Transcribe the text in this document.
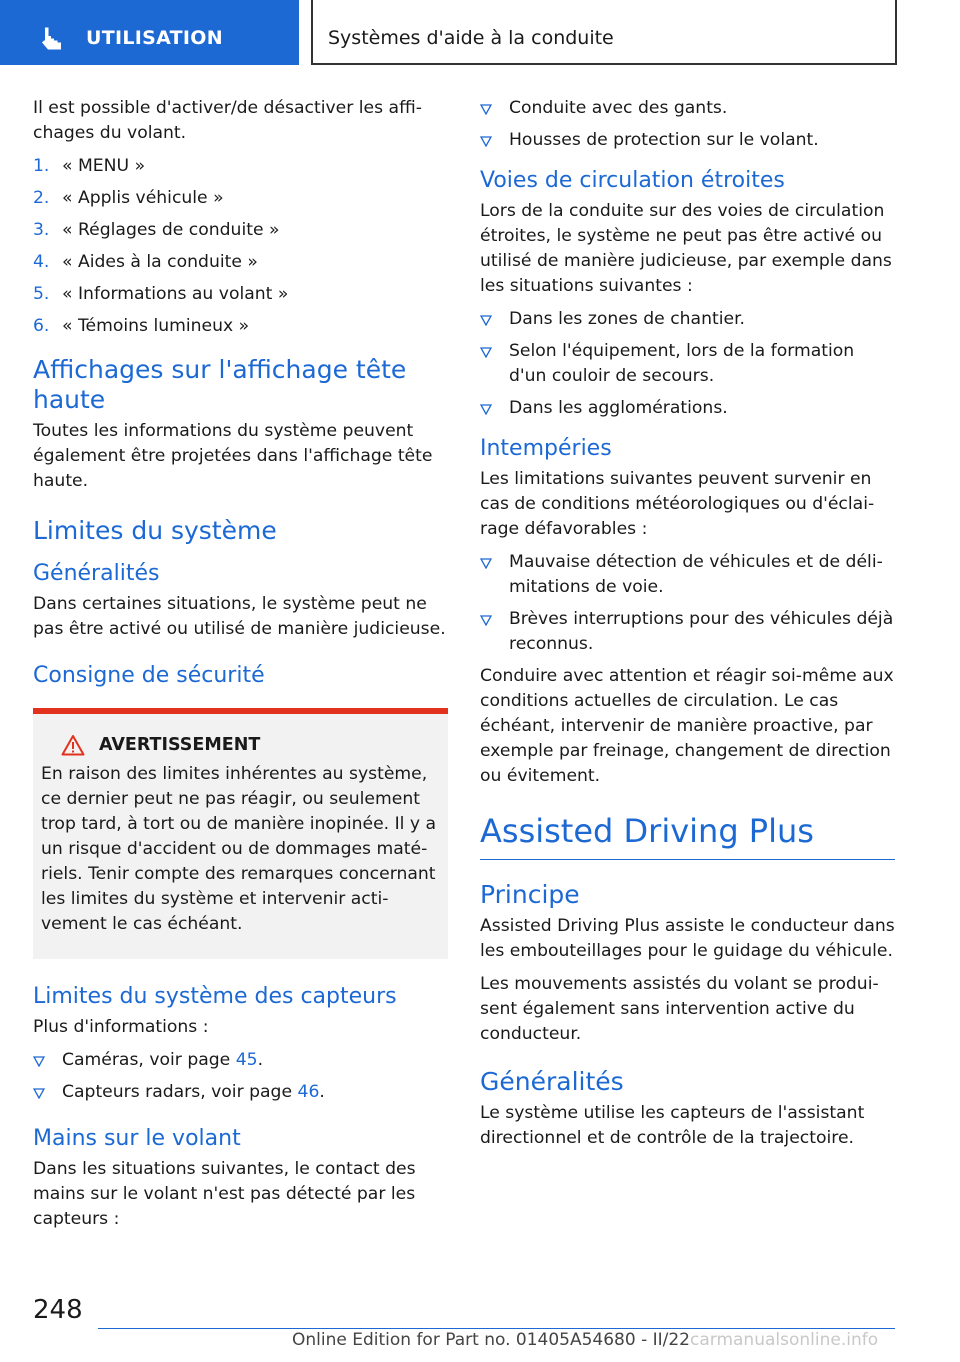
UTILISATION	Systèmes d'aide à la conduite

Il est possible d'activer/de désactiver les affichages du volant.

1. « MENU »
2. « Applis véhicule »
3. « Réglages de conduite »
4. « Aides à la conduite »
5. « Informations au volant »
6. « Témoins lumineux »
Affichages sur l'affichage tête haute

Toutes les informations du système peuvent également être projetées dans l'affichage tête haute.

Limites du système
Généralités

Dans certaines situations, le système peut ne pas être activé ou utilisé de manière judicieuse.

Consigne de sécurité
AVERTISSEMENT

En raison des limites inhérentes au système, ce dernier peut ne pas réagir, ou seulement trop tard, à tort ou de manière inopinée. Il y a un risque d'accident ou de dommages matériels. Tenir compte des remarques concernant les limites du système et intervenir activement le cas échéant.

Limites du système des capteurs

Plus d'informations :

Caméras, voir page 45.
Capteurs radars, voir page 46.
Mains sur le volant

Dans les situations suivantes, le contact des mains sur le volant n'est pas détecté par les capteurs :

Conduite avec des gants.
Housses de protection sur le volant.
Voies de circulation étroites

Lors de la conduite sur des voies de circulation étroites, le système ne peut pas être activé ou utilisé de manière judicieuse, par exemple dans les situations suivantes :

Dans les zones de chantier.
Selon l'équipement, lors de la formation d'un couloir de secours.
Dans les agglomérations.
Intempéries

Les limitations suivantes peuvent survenir en cas de conditions météorologiques ou d'éclairage défavorables :

Mauvaise détection de véhicules et de délimitations de voie.
Brèves interruptions pour des véhicules déjà reconnus.

Conduire avec attention et réagir soi-même aux conditions actuelles de circulation. Le cas échéant, intervenir de manière proactive, par exemple par freinage, changement de direction ou évitement.

Assisted Driving Plus
Principe

Assisted Driving Plus assiste le conducteur dans les embouteillages pour le guidage du véhicule.

Les mouvements assistés du volant se produisent également sans intervention active du conducteur.

Généralités

Le système utilise les capteurs de l'assistant directionnel et de contrôle de la trajectoire.

248
Online Edition for Part no. 01405A54680 - II/22 carmanualsonline.info
